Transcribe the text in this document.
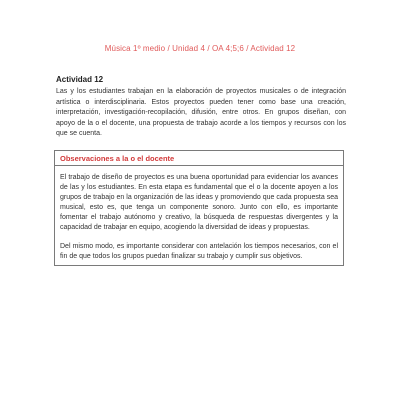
Música 1º medio / Unidad 4 / OA 4;5;6 / Actividad 12
Actividad 12

Las y los estudiantes trabajan en la elaboración de proyectos musicales o de integración artística o interdisciplinaria. Estos proyectos pueden tener como base una creación, interpretación, investigación-recopilación, difusión, entre otros. En grupos diseñan, con apoyo de la o el docente, una propuesta de trabajo acorde a los tiempos y recursos con los que se cuenta.

Observaciones a la o el docente

El trabajo de diseño de proyectos es una buena oportunidad para evidenciar los avances de las y los estudiantes. En esta etapa es fundamental que el o la docente apoyen a los grupos de trabajo en la organización de las ideas y promoviendo que cada propuesta sea musical, esto es, que tenga un componente sonoro. Junto con ello, es importante fomentar el trabajo autónomo y creativo, la búsqueda de respuestas divergentes y la capacidad de trabajar en equipo, acogiendo la diversidad de ideas y propuestas.

Del mismo modo, es importante considerar con antelación los tiempos necesarios, con el fin de que todos los grupos puedan finalizar su trabajo y cumplir sus objetivos.
